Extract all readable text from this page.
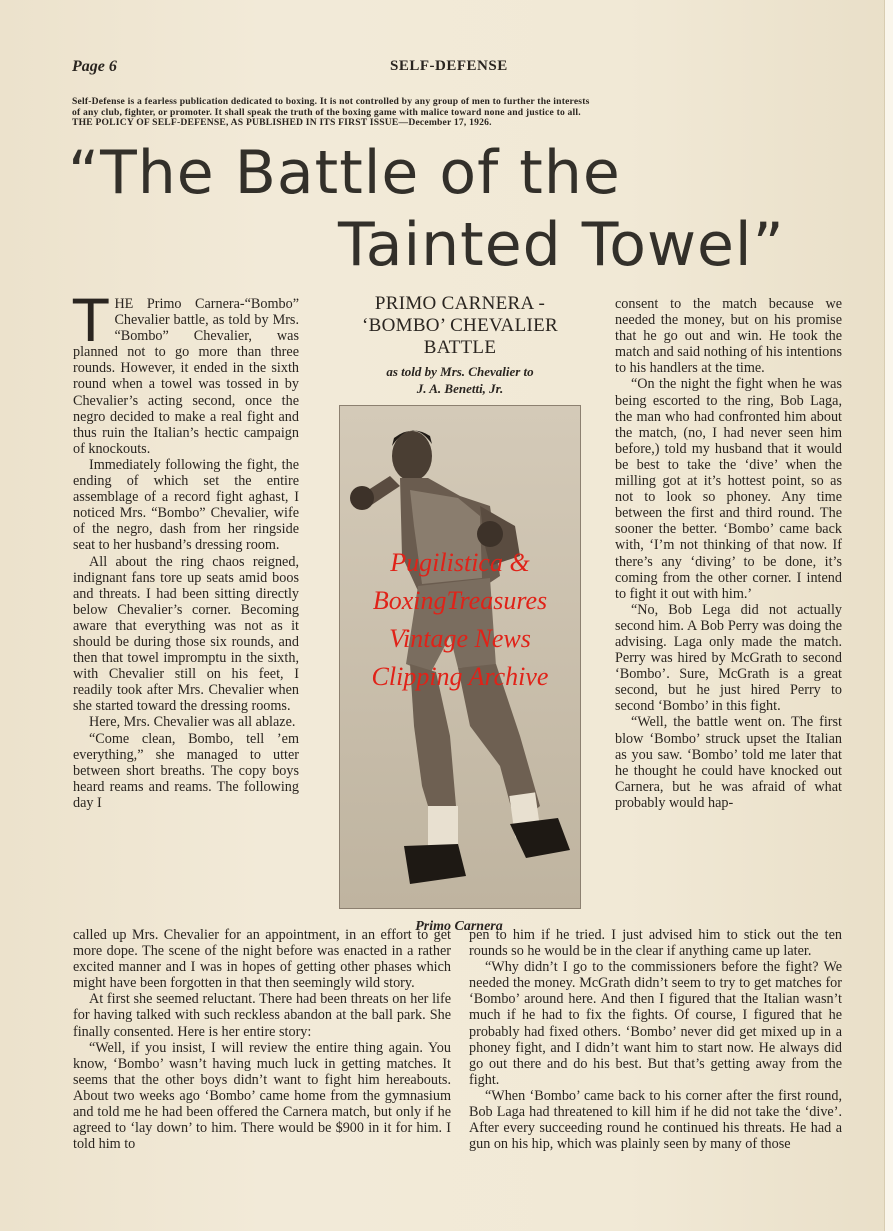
Page 6	SELF-DEFENSE
Self-Defense is a fearless publication dedicated to boxing. It is not controlled by any group of men to further the interests
of any club, fighter, or promoter. It shall speak the truth of the boxing game with malice toward none and justice to all.
THE POLICY OF SELF-DEFENSE, AS PUBLISHED IN ITS FIRST ISSUE—December 17, 1926.
“The Battle of the
Tainted Towel”
T HE Primo Carnera-“Bombo” Chevalier battle, as told by Mrs. “Bombo” Chevalier, was planned not to go more than three rounds. However, it ended in the sixth round when a towel was tossed in by Chevalier’s acting second, once the negro decided to make a real fight and thus ruin the Italian’s hectic campaign of knockouts.

Immediately following the fight, the ending of which set the entire assemblage of a record fight aghast, I noticed Mrs. “Bombo” Chevalier, wife of the negro, dash from her ringside seat to her husband’s dressing room.

All about the ring chaos reigned, indignant fans tore up seats amid boos and threats. I had been sitting directly below Chevalier’s corner. Becoming aware that everything was not as it should be during those six rounds, and then that towel impromptu in the sixth, with Chevalier still on his feet, I readily took after Mrs. Chevalier when she started toward the dressing rooms.

Here, Mrs. Chevalier was all ablaze.

“Come clean, Bombo, tell ’em everything,” she managed to utter between short breaths. The copy boys heard reams and reams. The following day I

PRIMO CARNERA -
‘BOMBO’ CHEVALIER
BATTLE
as told by Mrs. Chevalier to
J. A. Benetti, Jr.
Primo Carnera

consent to the match because we needed the money, but on his promise that he go out and win. He took the match and said nothing of his intentions to his handlers at the time.

“On the night the fight when he was being escorted to the ring, Bob Laga, the man who had confronted him about the match, (no, I had never seen him before,) told my husband that it would be best to take the ‘dive’ when the milling got at it’s hottest point, so as not to look so phoney. Any time between the first and third round. The sooner the better. ‘Bombo’ came back with, ‘I’m not thinking of that now. If there’s any ‘diving’ to be done, it’s coming from the other corner. I intend to fight it out with him.’

“No, Bob Lega did not actually second him. A Bob Perry was doing the advising. Laga only made the match. Perry was hired by McGrath to second ‘Bombo’. Sure, McGrath is a great second, but he just hired Perry to second ‘Bombo’ in this fight.

“Well, the battle went on. The first blow ‘Bombo’ struck upset the Italian as you saw. ‘Bombo’ told me later that he thought he could have knocked out Carnera, but he was afraid of what probably would hap-

called up Mrs. Chevalier for an appointment, in an effort to get more dope. The scene of the night before was enacted in a rather excited manner and I was in hopes of getting other phases which might have been forgotten in that then seemingly wild story.

At first she seemed reluctant. There had been threats on her life for having talked with such reckless abandon at the ball park. She finally consented. Here is her entire story:

“Well, if you insist, I will review the entire thing again. You know, ‘Bombo’ wasn’t having much luck in getting matches. It seems that the other boys didn’t want to fight him hereabouts. About two weeks ago ‘Bombo’ came home from the gymnasium and told me he had been offered the Carnera match, but only if he agreed to ‘lay down’ to him. There would be $900 in it for him. I told him to

pen to him if he tried. I just advised him to stick out the ten rounds so he would be in the clear if anything came up later.

“Why didn’t I go to the commissioners before the fight? We needed the money. McGrath didn’t seem to try to get matches for ‘Bombo’ around here. And then I figured that the Italian wasn’t much if he had to fix the fights. Of course, I figured that he probably had fixed others. ‘Bombo’ never did get mixed up in a phoney fight, and I didn’t want him to start now. He always did go out there and do his best. But that’s getting away from the fight.

“When ‘Bombo’ came back to his corner after the first round, Bob Laga had threatened to kill him if he did not take the ‘dive’. After every succeeding round he continued his threats. He had a gun on his hip, which was plainly seen by many of those

Pugilistica &
BoxingTreasures
Vintage News
Clipping Archive
